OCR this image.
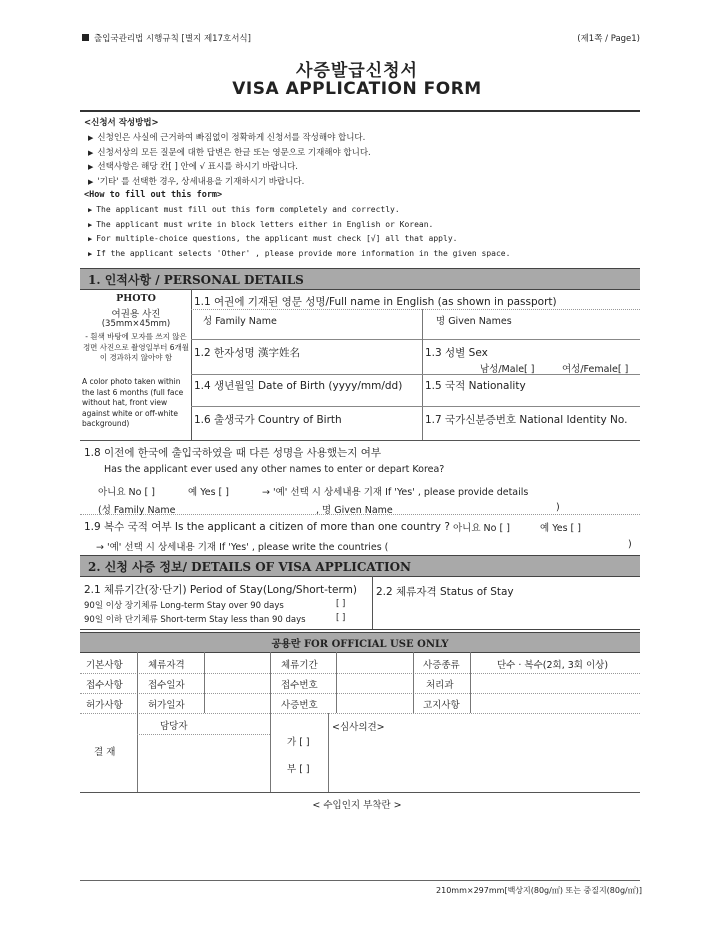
출입국관리법 시행규칙 [별지 제17호서식]	(제1쪽 / Page1)
사증발급신청서
VISA APPLICATION FORM
<신청서 작성방법>
▶ 신청인은 사실에 근거하여 빠짐없이 정확하게 신청서를 작성해야 합니다.
▶ 신청서상의 모든 질문에 대한 답변은 한글 또는 영문으로 기재해야 합니다.
▶ 선택사항은 해당 칸[ ] 안에 √ 표시를 하시기 바랍니다.
▶ '기타' 를 선택한 경우, 상세내용을 기재하시기 바랍니다.
<How to fill out this form>
▶ The applicant must fill out this form completely and correctly.
▶ The applicant must write in block letters either in English or Korean.
▶ For multiple-choice questions, the applicant must check [√] all that apply.
▶ If the applicant selects 'Other' , please provide more information in the given space.
1. 인적사항 / PERSONAL DETAILS
PHOTO
여권용 사진
(35mm×45mm)
- 흰색 바탕에 모자를 쓰지 않은 정면 사진으로 촬영일부터 6개월이 경과하지 않아야 함
A color photo taken within the last 6 months (full face without hat, front view against white or off-white background)
1.1 여권에 기재된 영문 성명/Full name in English (as shown in passport)
성 Family Name	명 Given Names
1.2 한자성명 漢字姓名	1.3 성별 Sex
남성/Male[ ]	여성/Female[ ]
1.4 생년월일 Date of Birth (yyyy/mm/dd) 1.5 국적 Nationality
1.6 출생국가 Country of Birth	1.7 국가신분증번호 National Identity No.
1.8 이전에 한국에 출입국하였을 때 다른 성명을 사용했는지 여부
Has the applicant ever used any other names to enter or depart Korea?
아니요 No [ ]	예 Yes [ ]	→ '예' 선택 시 상세내용 기재 If 'Yes' , please provide details
(성 Family Name	, 명 Given Name	)
1.9 복수 국적 여부 Is the applicant a citizen of more than one country ? 아니요 No [ ]	예 Yes [ ]
→ '예' 선택 시 상세내용 기재 If 'Yes' , please write the countries (	)
2. 신청 사증 정보/ DETAILS OF VISA APPLICATION
2.1 체류기간(장·단기) Period of Stay(Long/Short-term)
90일 이상 장기체류 Long-term Stay over 90 days	[ ]
90일 이하 단기체류 Short-term Stay less than 90 days	[ ]
2.2 체류자격 Status of Stay
공용란 FOR OFFICIAL USE ONLY
기본사항	체류자격	체류기간	사증종류	단수 · 복수(2회, 3회 이상)
접수사항	접수일자	접수번호	처리과
허가사항	허가일자	사증번호	고지사항
결 재
담당자
가 [ ]
부 [ ]
<심사의견>
< 수입인지 부착란 >
210mm×297mm[백상지(80g/㎡) 또는 중질지(80g/㎡)]
